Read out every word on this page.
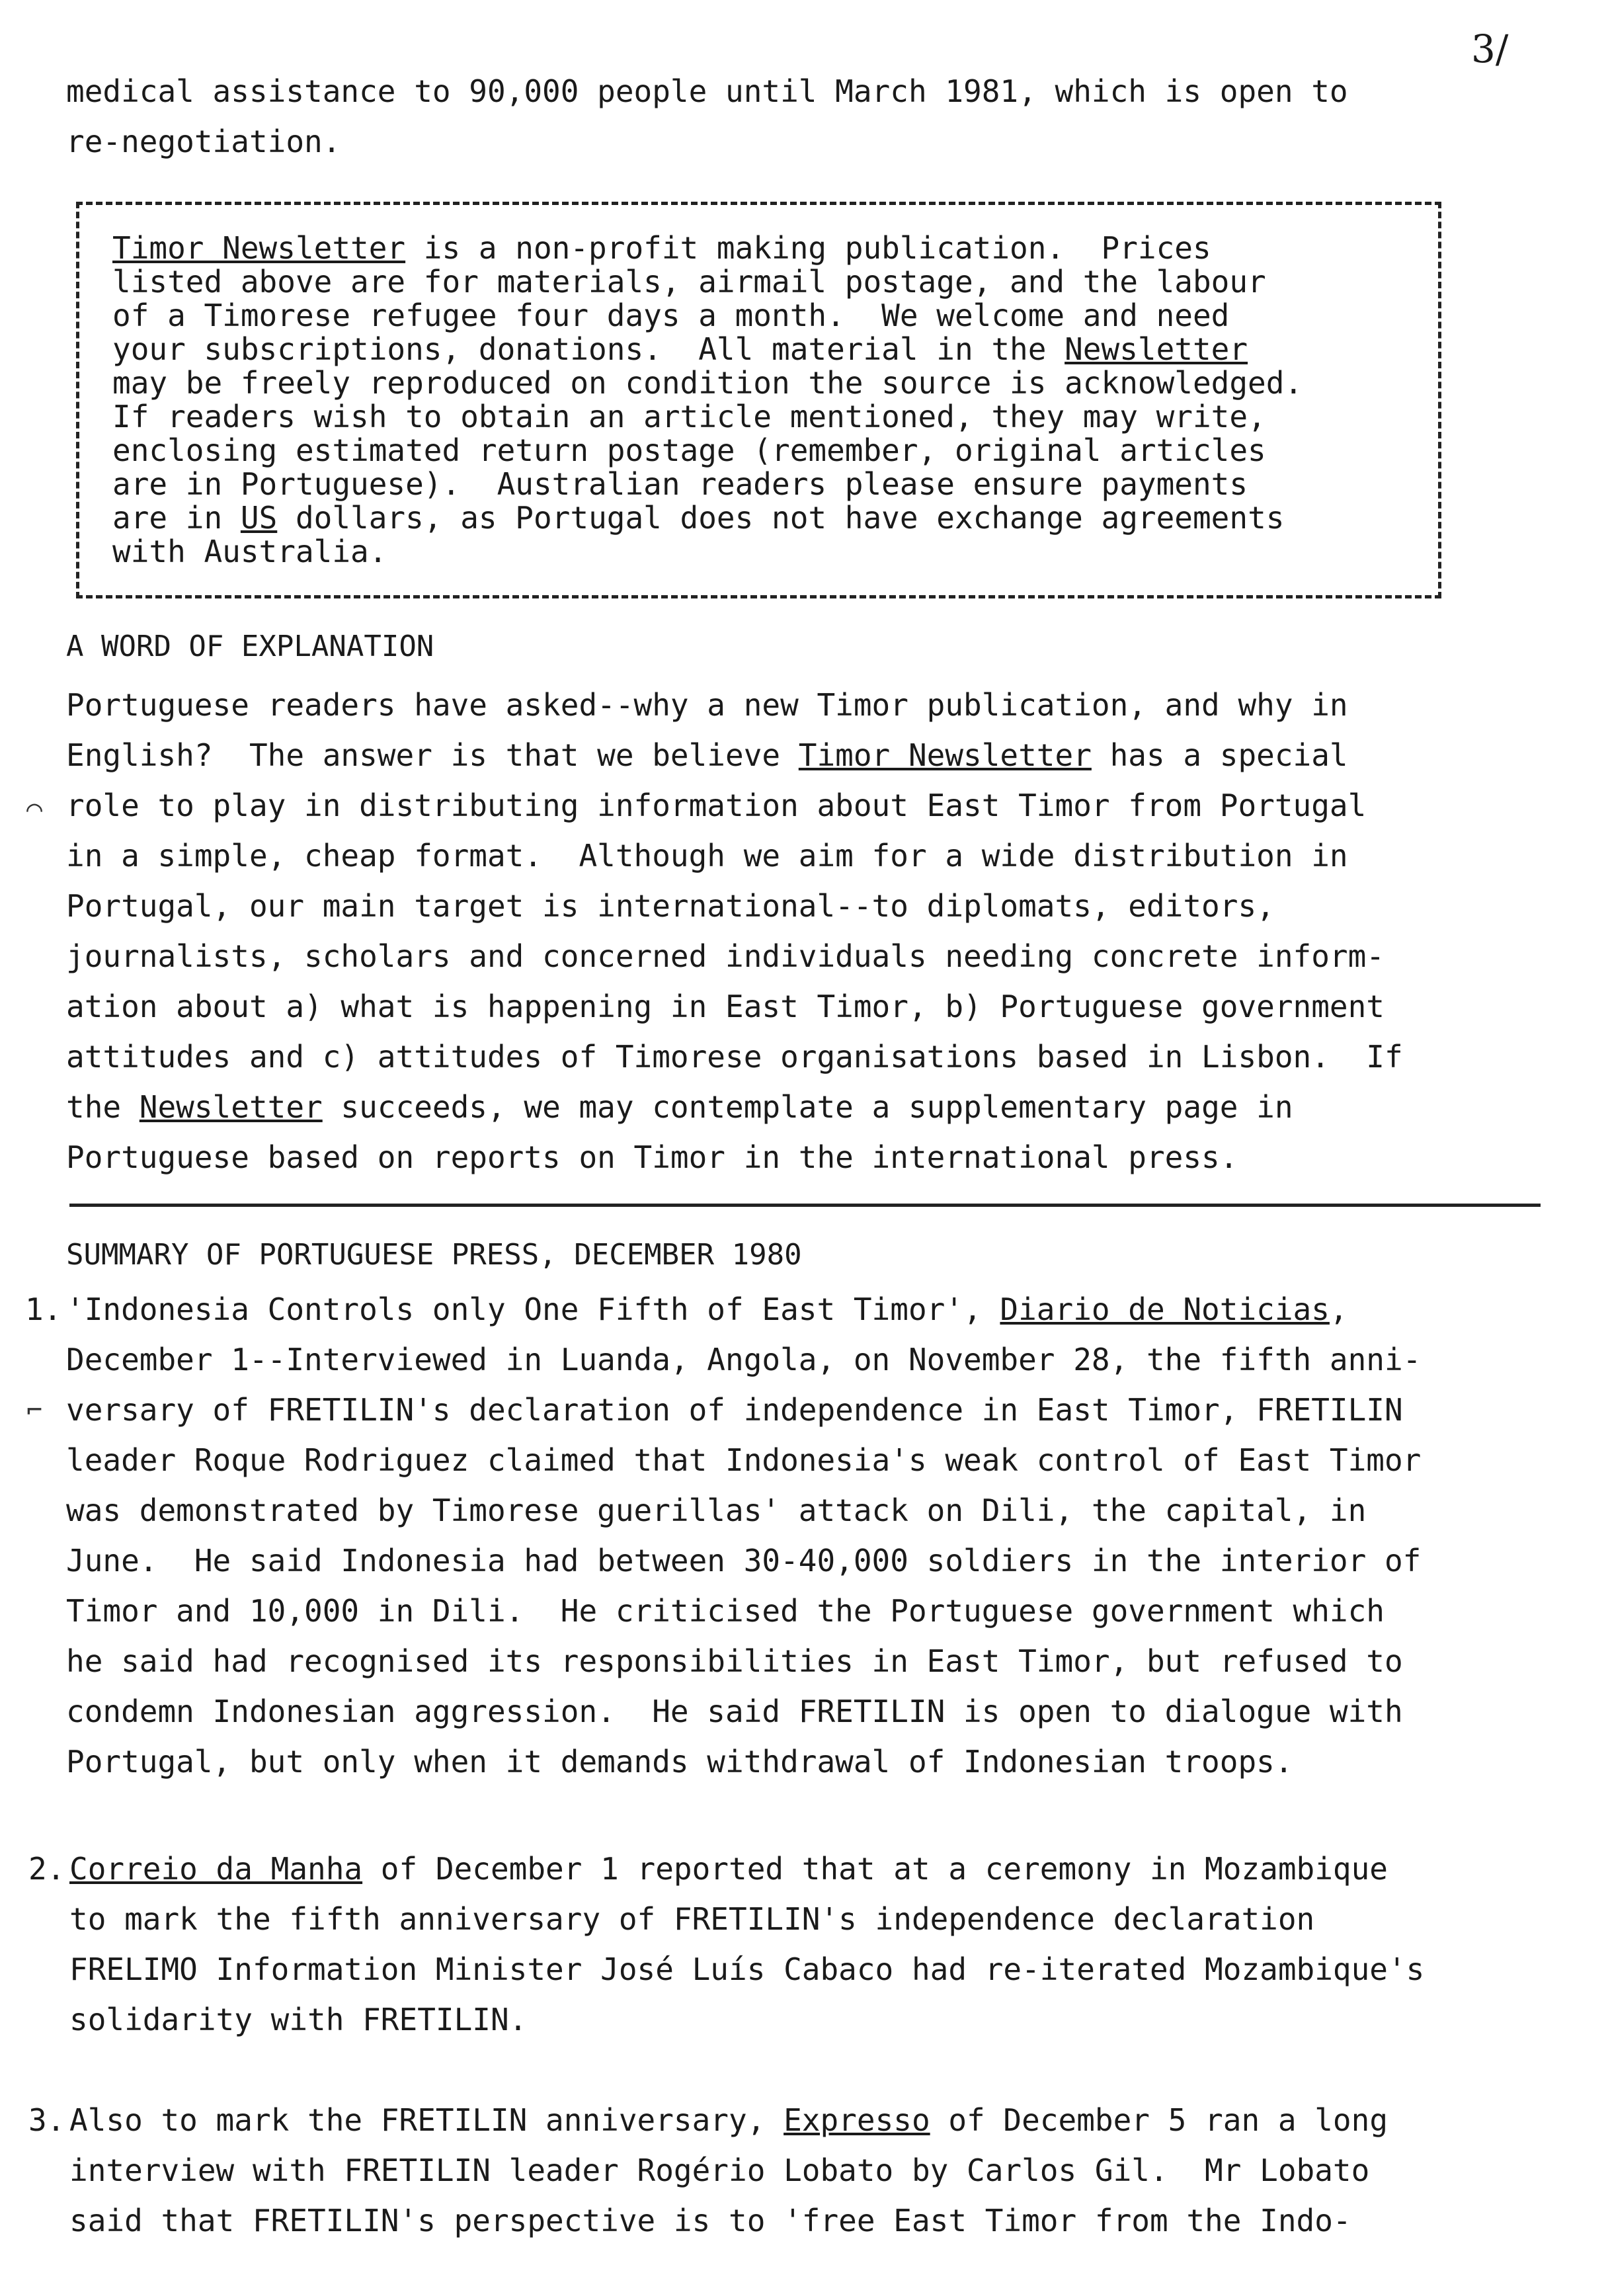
3/

medical assistance to 90,000 people until March 1981, which is open to

re-negotiation.

Timor Newsletter is a non-profit making publication.  Prices

listed above are for materials, airmail postage, and the labour

of a Timorese refugee four days a month.  We welcome and need

your subscriptions, donations.  All material in the Newsletter

may be freely reproduced on condition the source is acknowledged.

If readers wish to obtain an article mentioned, they may write,

enclosing estimated return postage (remember, original articles

are in Portuguese).  Australian readers please ensure payments

are in US dollars, as Portugal does not have exchange agreements

with Australia.

A WORD OF EXPLANATION
⌒

Portuguese readers have asked--why a new Timor publication, and why in

English?  The answer is that we believe Timor Newsletter has a special

role to play in distributing information about East Timor from Portugal

in a simple, cheap format.  Although we aim for a wide distribution in

Portugal, our main target is international--to diplomats, editors,

journalists, scholars and concerned individuals needing concrete inform-

ation about a) what is happening in East Timor, b) Portuguese government

attitudes and c) attitudes of Timorese organisations based in Lisbon.  If

the Newsletter succeeds, we may contemplate a supplementary page in

Portuguese based on reports on Timor in the international press.

SUMMARY OF PORTUGUESE PRESS, DECEMBER 1980
1. 'Indonesia Controls only One Fifth of East Timor', Diario de Noticias,

December 1--Interviewed in Luanda, Angola, on November 28, the fifth anni-

versary of FRETILIN's declaration of independence in East Timor, FRETILIN

leader Roque Rodriguez claimed that Indonesia's weak control of East Timor

was demonstrated by Timorese guerillas' attack on Dili, the capital, in

June.  He said Indonesia had between 30-40,000 soldiers in the interior of

Timor and 10,000 in Dili.  He criticised the Portuguese government which

he said had recognised its responsibilities in East Timor, but refused to

condemn Indonesian aggression.  He said FRETILIN is open to dialogue with

Portugal, but only when it demands withdrawal of Indonesian troops.

⌐
2. Correio da Manha of December 1 reported that at a ceremony in Mozambique

to mark the fifth anniversary of FRETILIN's independence declaration

FRELIMO Information Minister José Luís Cabaco had re-iterated Mozambique's

solidarity with FRETILIN.

3. Also to mark the FRETILIN anniversary, Expresso of December 5 ran a long

interview with FRETILIN leader Rogério Lobato by Carlos Gil.  Mr Lobato

said that FRETILIN's perspective is to 'free East Timor from the Indo-
